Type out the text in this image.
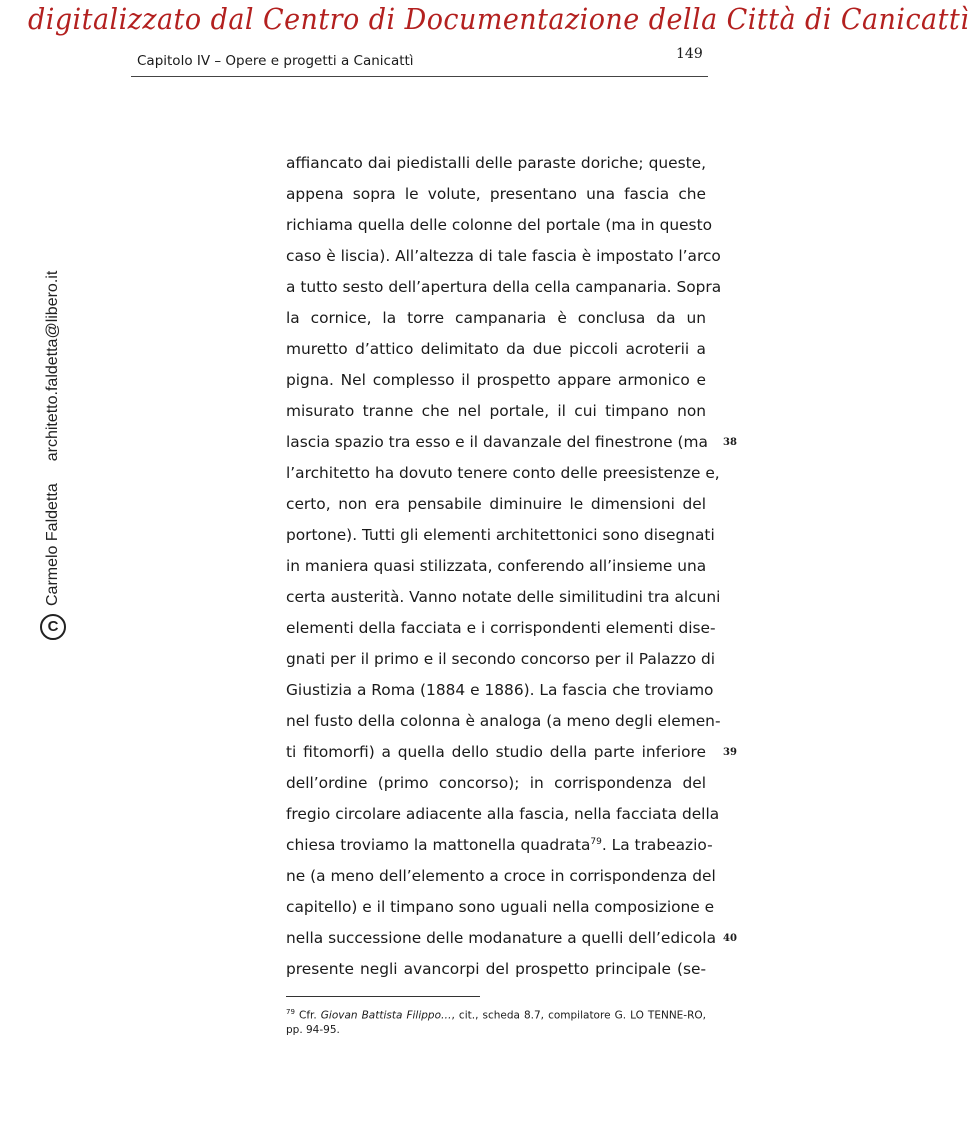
digitalizzato dal Centro di Documentazione della Città di Canicattì
Capitolo IV – Opere e progetti a Canicattì	149
C
Carmelo Faldetta
architetto.faldetta@libero.it
affiancato dai piedistalli delle paraste doriche; queste,
appena sopra le volute, presentano una fascia che
richiama quella delle colonne del portale (ma in questo
caso è liscia). All’altezza di tale fascia è impostato l’arco
a tutto sesto dell’apertura della cella campanaria. Sopra
la cornice, la torre campanaria è conclusa da un
muretto d’attico delimitato da due piccoli acroterii a
pigna. Nel complesso il prospetto appare armonico e
misurato tranne che nel portale, il cui timpano non
lascia spazio tra esso e il davanzale del finestrone (ma 38
l’architetto ha dovuto tenere conto delle preesistenze e,
certo, non era pensabile diminuire le dimensioni del
portone). Tutti gli elementi architettonici sono disegnati
in maniera quasi stilizzata, conferendo all’insieme una
certa austerità. Vanno notate delle similitudini tra alcuni
elementi della facciata e i corrispondenti elementi dise-
gnati per il primo e il secondo concorso per il Palazzo di
Giustizia a Roma (1884 e 1886). La fascia che troviamo
nel fusto della colonna è analoga (a meno degli elemen-
ti fitomorfi) a quella dello studio della parte inferiore 39
dell’ordine (primo concorso); in corrispondenza del
fregio circolare adiacente alla fascia, nella facciata della
chiesa troviamo la mattonella quadrata$^{79}$. La trabeazio-
ne (a meno dell’elemento a croce in corrispondenza del
capitello) e il timpano sono uguali nella composizione e
nella successione delle modanature a quelli dell’edicola 40
presente negli avancorpi del prospetto principale (se-
$^{79}$ Cfr. Giovan Battista Filippo…, cit., scheda 8.7, compilatore G. LO TENNE-RO, pp. 94-95.
